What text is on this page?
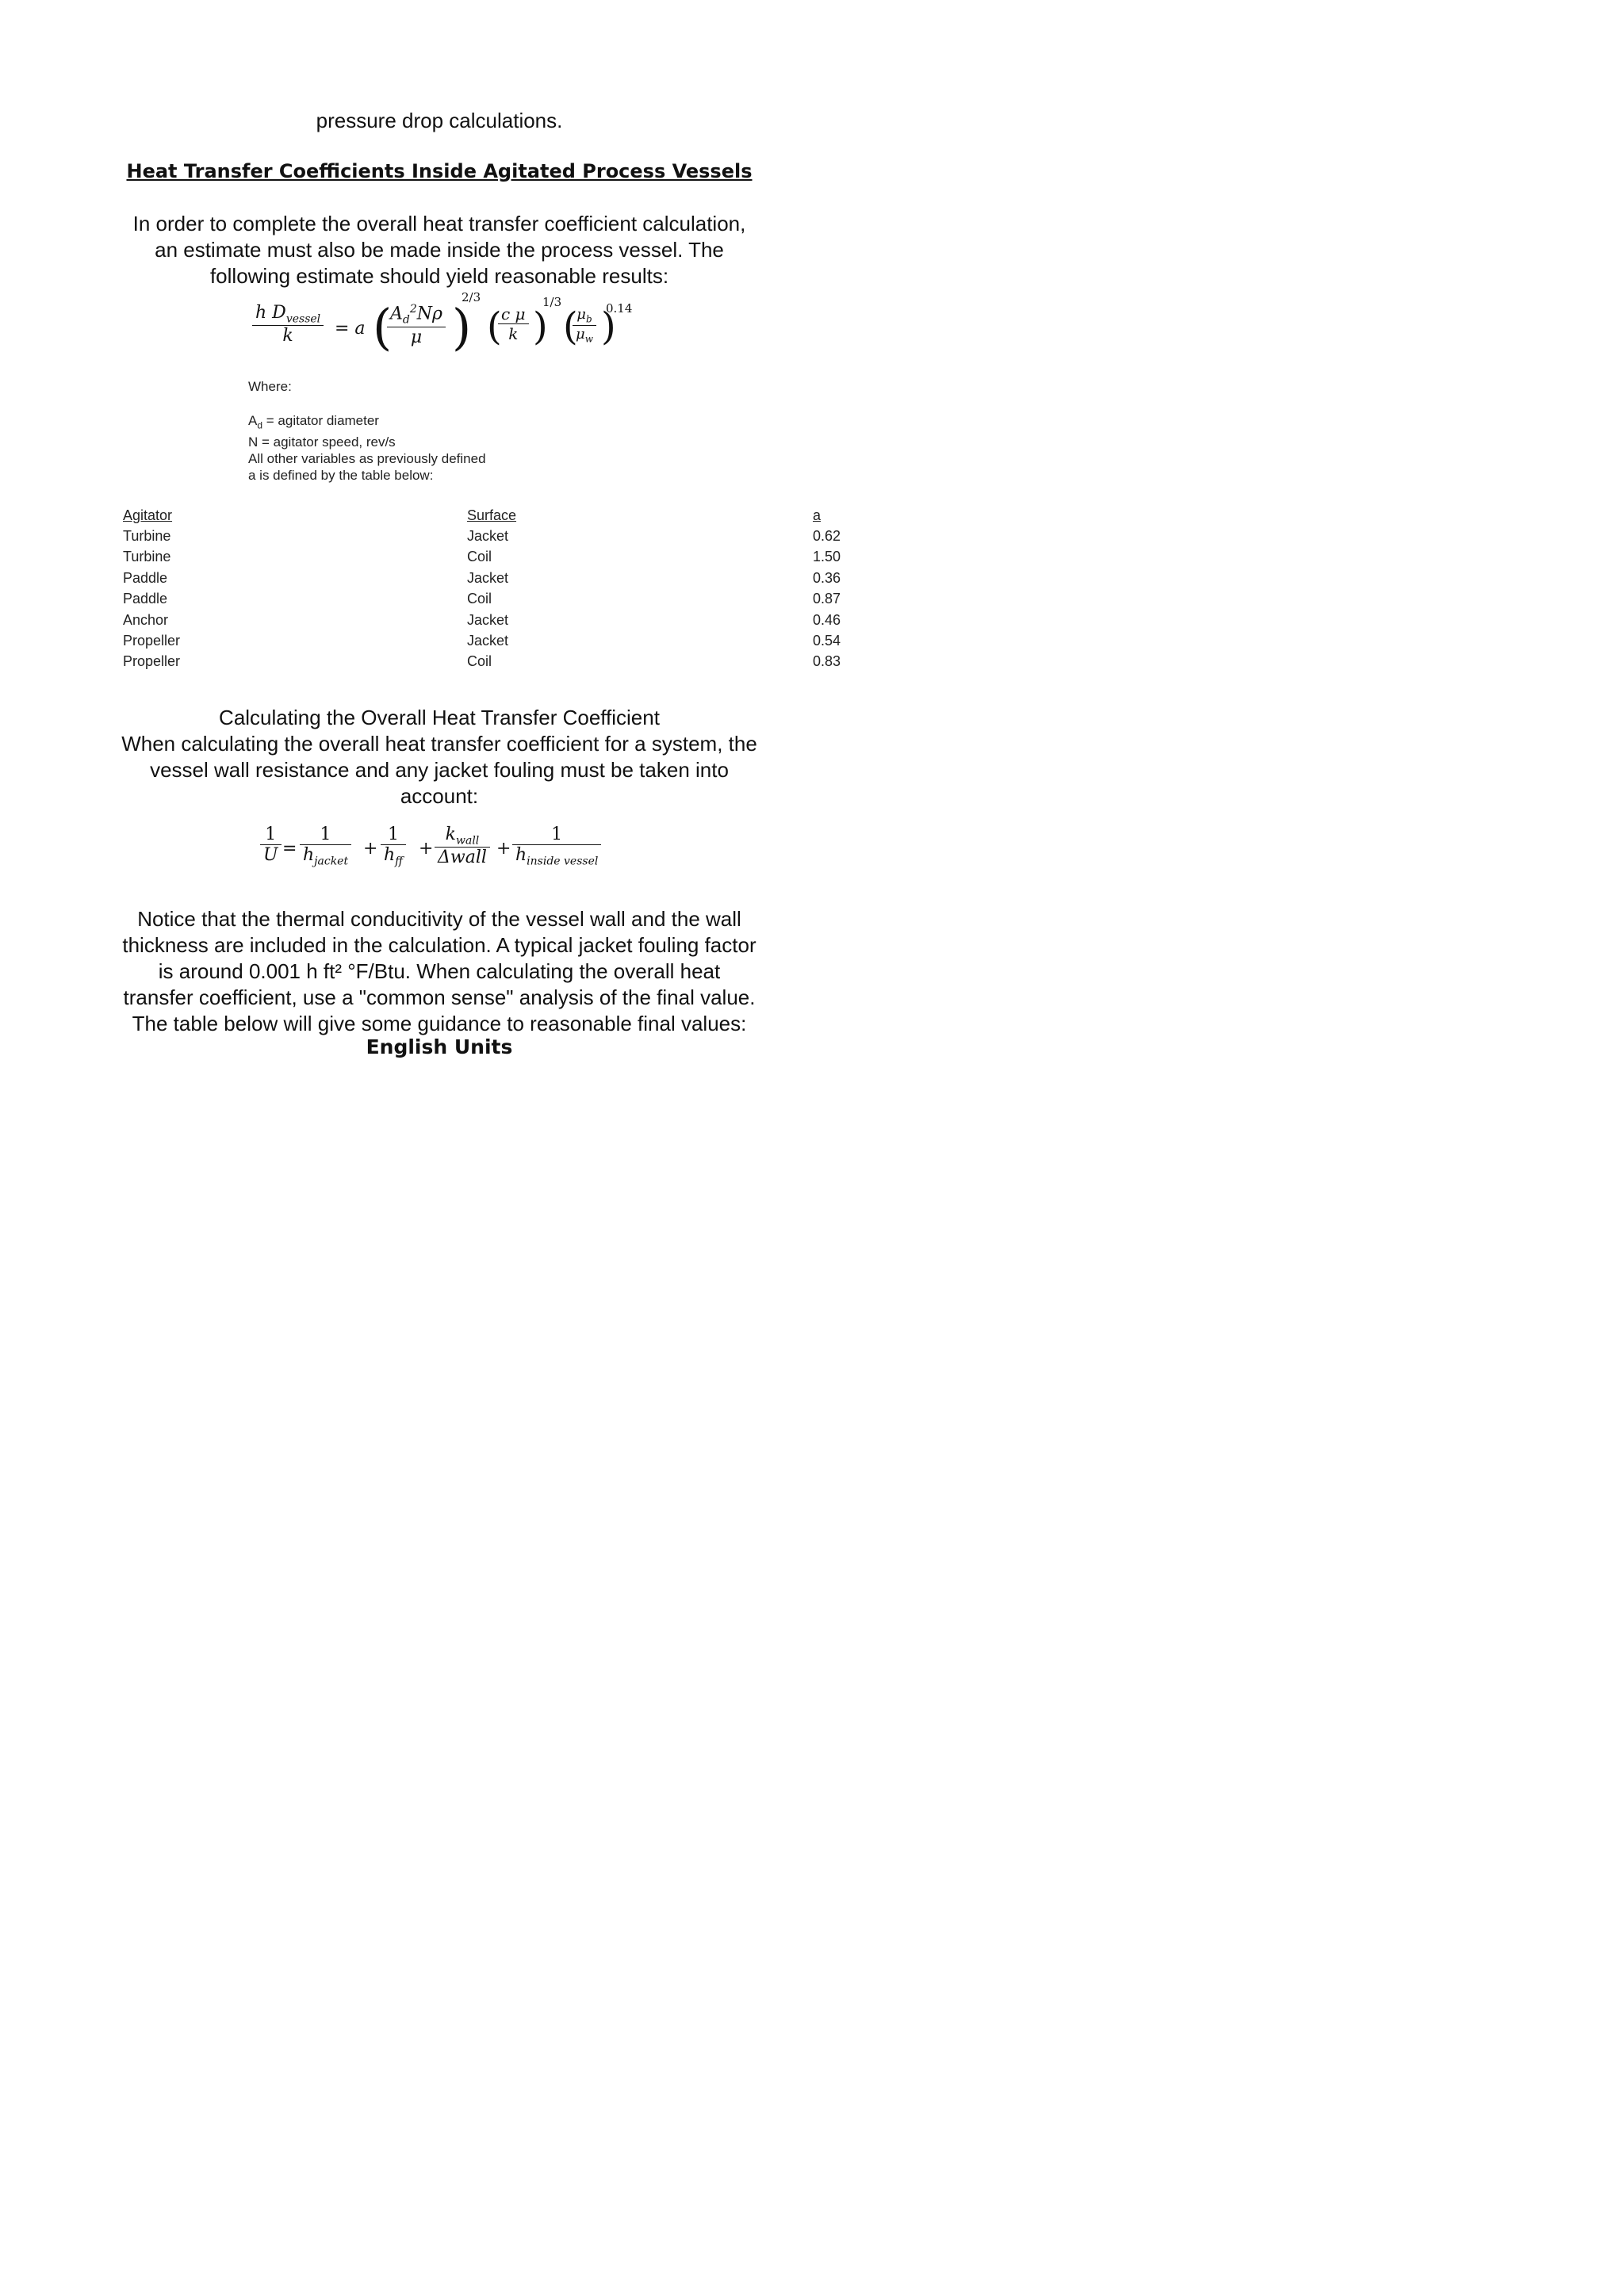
pressure drop calculations.
Heat Transfer Coefficients Inside Agitated Process Vessels
In order to complete the overall heat transfer coefficient calculation,
an estimate must also be made inside the process vessel. The
following estimate should yield reasonable results:
h $D_{vessel}$
k	= a (
$\frac{A_d^2N\rho}{\mu}$ )
2/3
(
$\frac{\text{c μ}}{k}$ )
1/3
(
$\frac{\mu_b}{\mu_w}$ )
0.14
Where:
$A_d$ = agitator diameter
N = agitator speed, rev/s
All other variables as previously defined
a is defined by the table below:
Agitator	Surface	a
Turbine	Jacket	0.62
Turbine	Coil	1.50
Paddle	Jacket	0.36
Paddle	Coil	0.87
Anchor	Jacket	0.46
Propeller	Jacket	0.54
Propeller	Coil	0.83
Calculating the Overall Heat Transfer Coefficient
When calculating the overall heat transfer coefficient for a system, the
vessel wall resistance and any jacket fouling must be taken into
account:
$\frac{1}{U}$ =
1
$h_{jacket}$
+
1
$h_{ff}$
+
$k_{wall}$
Δwall +
1
$h_{inside vessel}$
Notice that the thermal conducitivity of the vessel wall and the wall
thickness are included in the calculation. A typical jacket fouling factor
is around 0.001 h ft² °F/Btu. When calculating the overall heat
transfer coefficient, use a "common sense" analysis of the final value.
The table below will give some guidance to reasonable final values:
English Units
